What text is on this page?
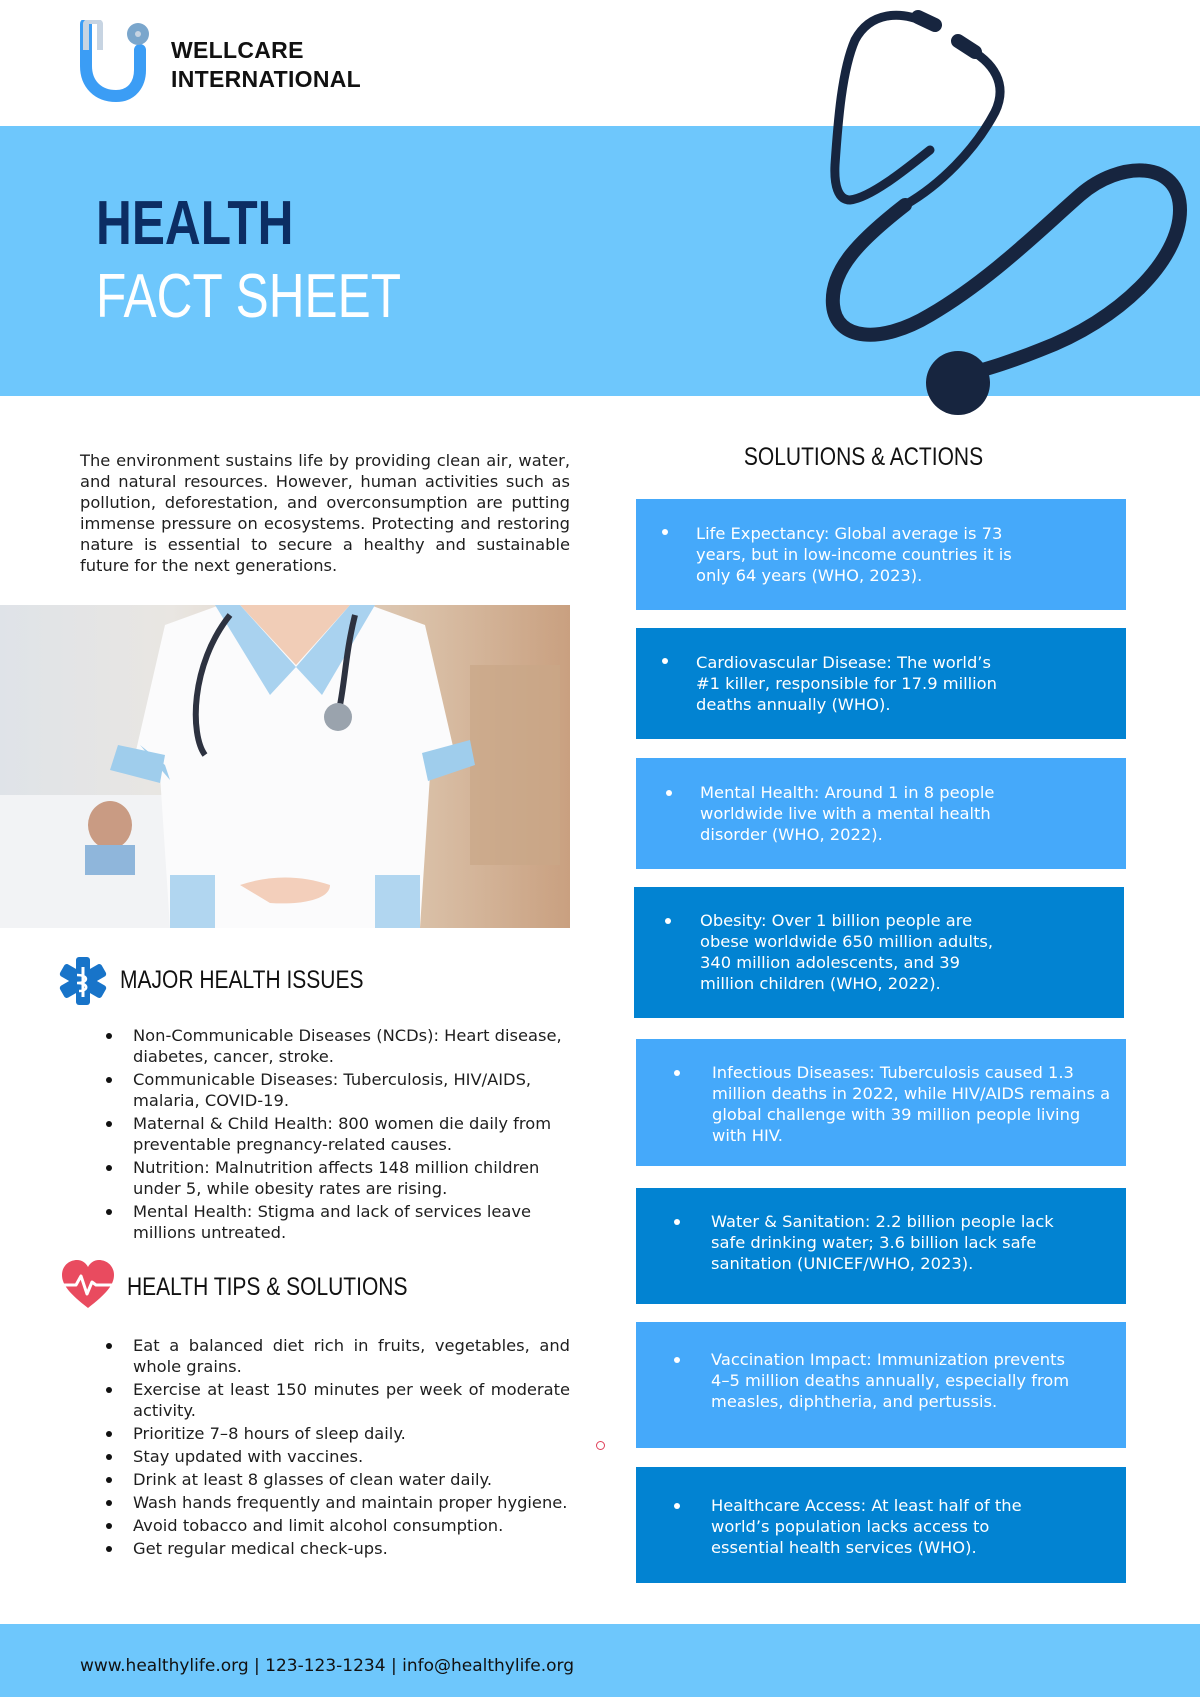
WELLCARE
INTERNATIONAL
HEALTH
FACT SHEET

The environment sustains life by providing clean air, water, and natural resources. However, human activities such as pollution, deforestation, and overconsumption are putting immense pressure on ecosystems. Protecting and restoring nature is essential to secure a healthy and sustainable future for the next generations.

MAJOR HEALTH ISSUES
Non-Communicable Diseases (NCDs): Heart disease, diabetes, cancer, stroke.
Communicable Diseases: Tuberculosis, HIV/AIDS, malaria, COVID-19.
Maternal & Child Health: 800 women die daily from preventable pregnancy-related causes.
Nutrition: Malnutrition affects 148 million children under 5, while obesity rates are rising.
Mental Health: Stigma and lack of services leave millions untreated.
HEALTH TIPS & SOLUTIONS
Eat a balanced diet rich in fruits, vegetables, and whole grains.
Exercise at least 150 minutes per week of moderate activity.
Prioritize 7–8 hours of sleep daily.
Stay updated with vaccines.
Drink at least 8 glasses of clean water daily.
Wash hands frequently and maintain proper hygiene.
Avoid tobacco and limit alcohol consumption.
Get regular medical check-ups.
SOLUTIONS & ACTIONS

Life Expectancy: Global average is 73 years, but in low-income countries it is only 64 years (WHO, 2023).

Cardiovascular Disease: The world’s #1 killer, responsible for 17.9 million deaths annually (WHO).

Mental Health: Around 1 in 8 people worldwide live with a mental health disorder (WHO, 2022).

Obesity: Over 1 billion people are obese worldwide 650 million adults, 340 million adolescents, and 39 million children (WHO, 2022).

Infectious Diseases: Tuberculosis caused 1.3 million deaths in 2022, while HIV/AIDS remains a global challenge with 39 million people living with HIV.

Water & Sanitation: 2.2 billion people lack safe drinking water; 3.6 billion lack safe sanitation (UNICEF/WHO, 2023).

Vaccination Impact: Immunization prevents 4–5 million deaths annually, especially from measles, diphtheria, and pertussis.

Healthcare Access: At least half of the world’s population lacks access to essential health services (WHO).

www.healthylife.org | 123-123-1234 | info@healthylife.org
